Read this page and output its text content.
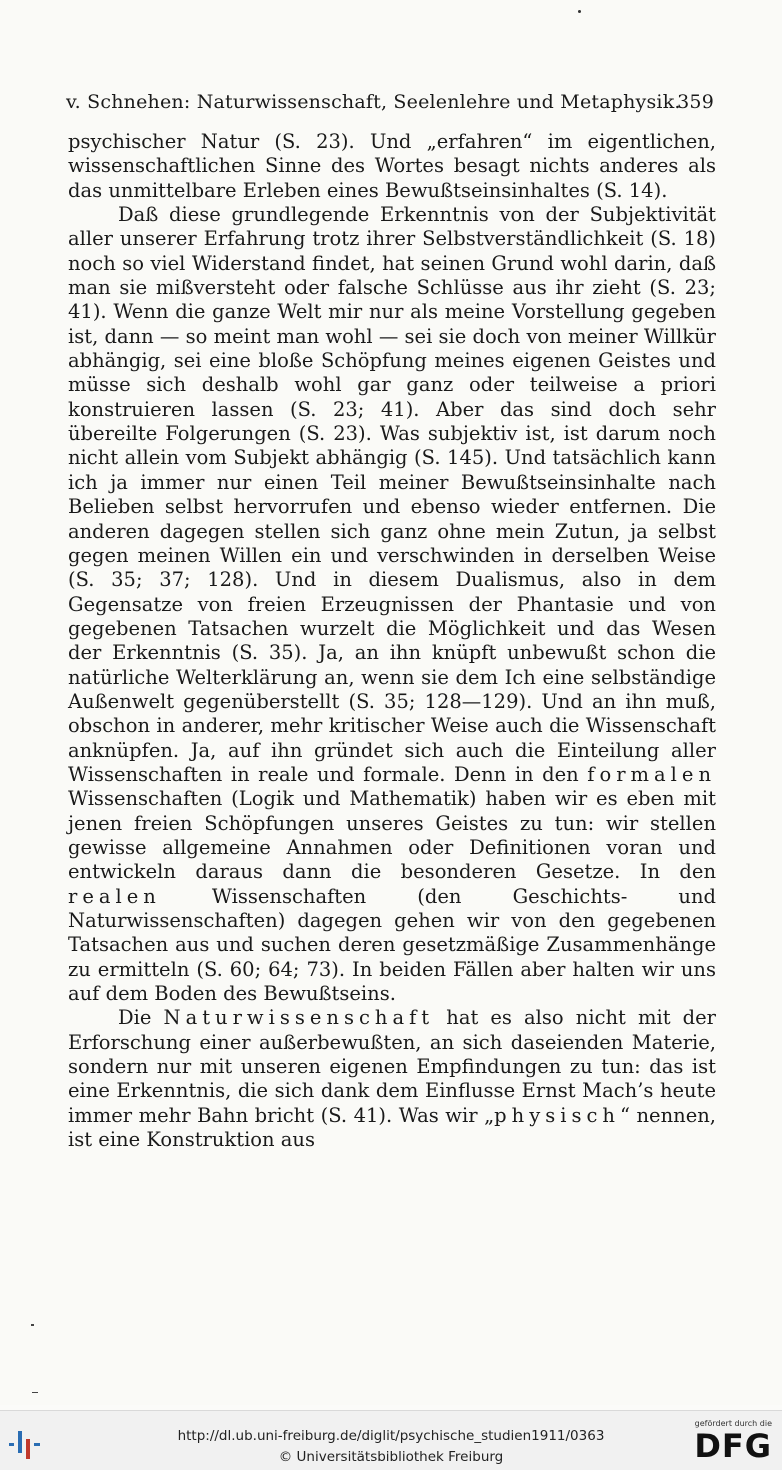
v. Schnehen: Naturwissenschaft, Seelenlehre und Metaphysik.
359

psychischer Natur (S. 23). Und „erfahren“ im eigentlichen, wissenschaftlichen Sinne des Wortes besagt nichts anderes als das unmittelbare Erleben eines Bewußtseinsinhaltes (S. 14).

Daß diese grundlegende Erkenntnis von der Subjektivität aller unserer Erfahrung trotz ihrer Selbstverständlichkeit (S. 18) noch so viel Widerstand findet, hat seinen Grund wohl darin, daß man sie mißversteht oder falsche Schlüsse aus ihr zieht (S. 23; 41). Wenn die ganze Welt mir nur als meine Vorstellung gegeben ist, dann — so meint man wohl — sei sie doch von meiner Willkür abhängig, sei eine bloße Schöpfung meines eigenen Geistes und müsse sich deshalb wohl gar ganz oder teilweise a priori konstruieren lassen (S. 23; 41). Aber das sind doch sehr übereilte Folgerungen (S. 23). Was subjektiv ist, ist darum noch nicht allein vom Subjekt abhängig (S. 145). Und tatsächlich kann ich ja immer nur einen Teil meiner Bewußtseinsinhalte nach Belieben selbst hervorrufen und ebenso wieder entfernen. Die anderen dagegen stellen sich ganz ohne mein Zutun, ja selbst gegen meinen Willen ein und verschwinden in derselben Weise (S. 35; 37; 128). Und in diesem Dualismus, also in dem Gegensatze von freien Erzeugnissen der Phantasie und von gegebenen Tatsachen wurzelt die Möglichkeit und das Wesen der Erkenntnis (S. 35). Ja, an ihn knüpft unbewußt schon die natürliche Welterklärung an, wenn sie dem Ich eine selbständige Außenwelt gegenüberstellt (S. 35; 128—129). Und an ihn muß, obschon in anderer, mehr kritischer Weise auch die Wissenschaft anknüpfen. Ja, auf ihn gründet sich auch die Einteilung aller Wissenschaften in reale und formale. Denn in den formalen Wissenschaften (Logik und Mathematik) haben wir es eben mit jenen freien Schöpfungen unseres Geistes zu tun: wir stellen gewisse allgemeine Annahmen oder Definitionen voran und entwickeln daraus dann die besonderen Gesetze. In den realen Wissenschaften (den Geschichts- und Naturwissenschaften) dagegen gehen wir von den gegebenen Tatsachen aus und suchen deren gesetzmäßige Zusammenhänge zu ermitteln (S. 60; 64; 73). In beiden Fällen aber halten wir uns auf dem Boden des Bewußtseins.

Die Naturwissenschaft hat es also nicht mit der Erforschung einer außerbewußten, an sich daseienden Materie, sondern nur mit unseren eigenen Empfindungen zu tun: das ist eine Erkenntnis, die sich dank dem Einflusse Ernst Mach’s heute immer mehr Bahn bricht (S. 41). Was wir „physisch“ nennen, ist eine Konstruktion aus

http://dl.ub.uni-freiburg.de/diglit/psychische_studien1911/0363
© Universitätsbibliothek Freiburg
gefördert durch die
DFG
